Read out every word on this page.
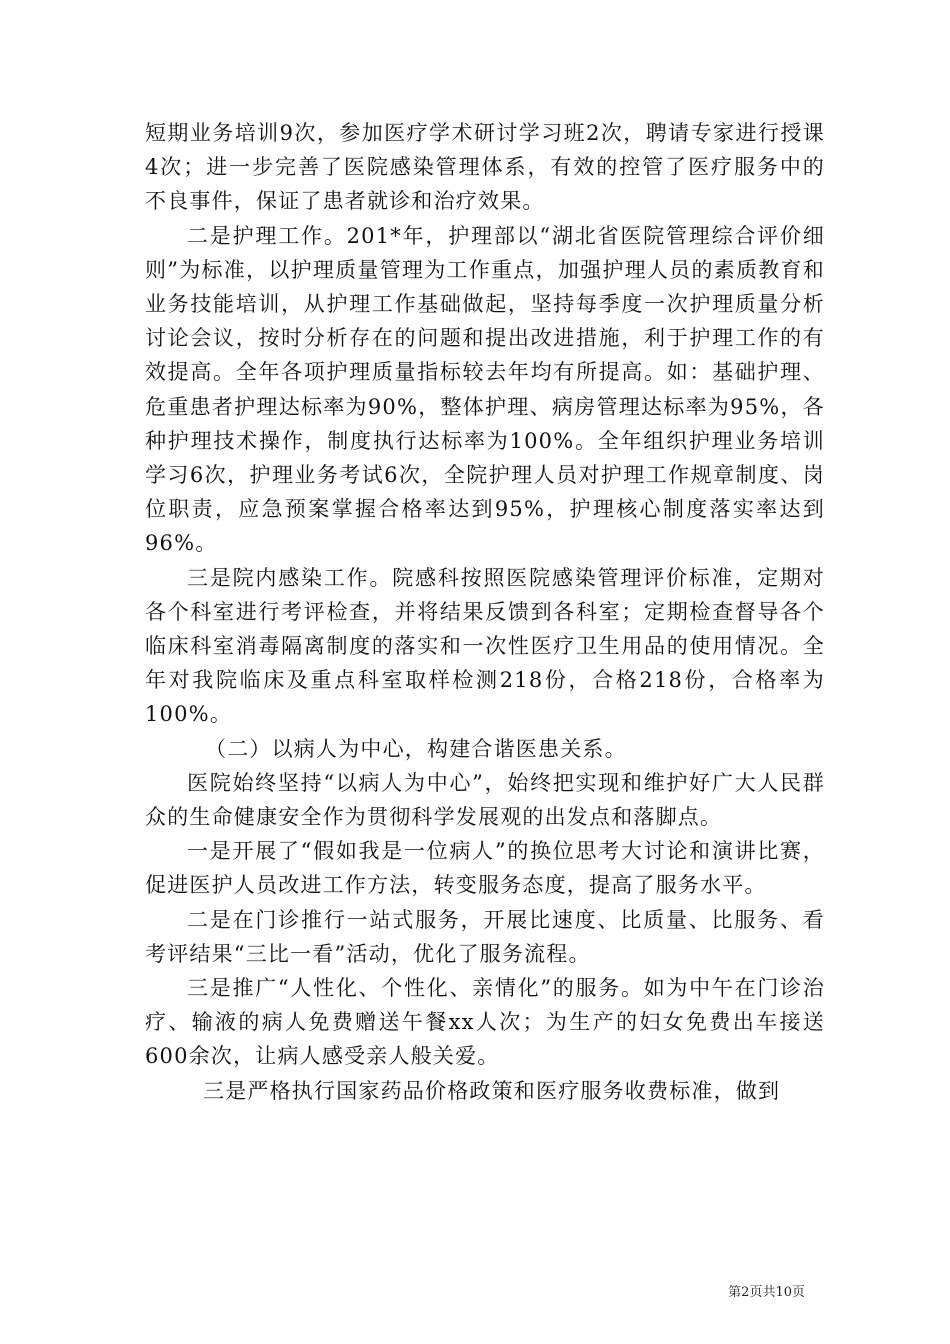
短期业务培训9次，参加医疗学术研讨学习班2次，聘请专家进行授课4次；进一步完善了医院感染管理体系，有效的控管了医疗服务中的不良事件，保证了患者就诊和治疗效果。

二是护理工作。201*年，护理部以“湖北省医院管理综合评价细则”为标准，以护理质量管理为工作重点，加强护理人员的素质教育和业务技能培训，从护理工作基础做起，坚持每季度一次护理质量分析讨论会议，按时分析存在的问题和提出改进措施，利于护理工作的有效提高。全年各项护理质量指标较去年均有所提高。如：基础护理、危重患者护理达标率为90%，整体护理、病房管理达标率为95%，各种护理技术操作，制度执行达标率为100%。全年组织护理业务培训学习6次，护理业务考试6次，全院护理人员对护理工作规章制度、岗位职责，应急预案掌握合格率达到95%，护理核心制度落实率达到96%。

三是院内感染工作。院感科按照医院感染管理评价标准，定期对各个科室进行考评检查，并将结果反馈到各科室；定期检查督导各个临床科室消毒隔离制度的落实和一次性医疗卫生用品的使用情况。全年对我院临床及重点科室取样检测218份，合格218份，合格率为100%。

（二）以病人为中心，构建合谐医患关系。

医院始终坚持“以病人为中心”，始终把实现和维护好广大人民群众的生命健康安全作为贯彻科学发展观的出发点和落脚点。

一是开展了“假如我是一位病人”的换位思考大讨论和演讲比赛，促进医护人员改进工作方法，转变服务态度，提高了服务水平。

二是在门诊推行一站式服务，开展比速度、比质量、比服务、看考评结果“三比一看”活动，优化了服务流程。

三是推广“人性化、个性化、亲情化”的服务。如为中午在门诊治疗、输液的病人免费赠送午餐xx人次；为生产的妇女免费出车接送600余次，让病人感受亲人般关爱。

三是严格执行国家药品价格政策和医疗服务收费标准，做到

第2页共10页
